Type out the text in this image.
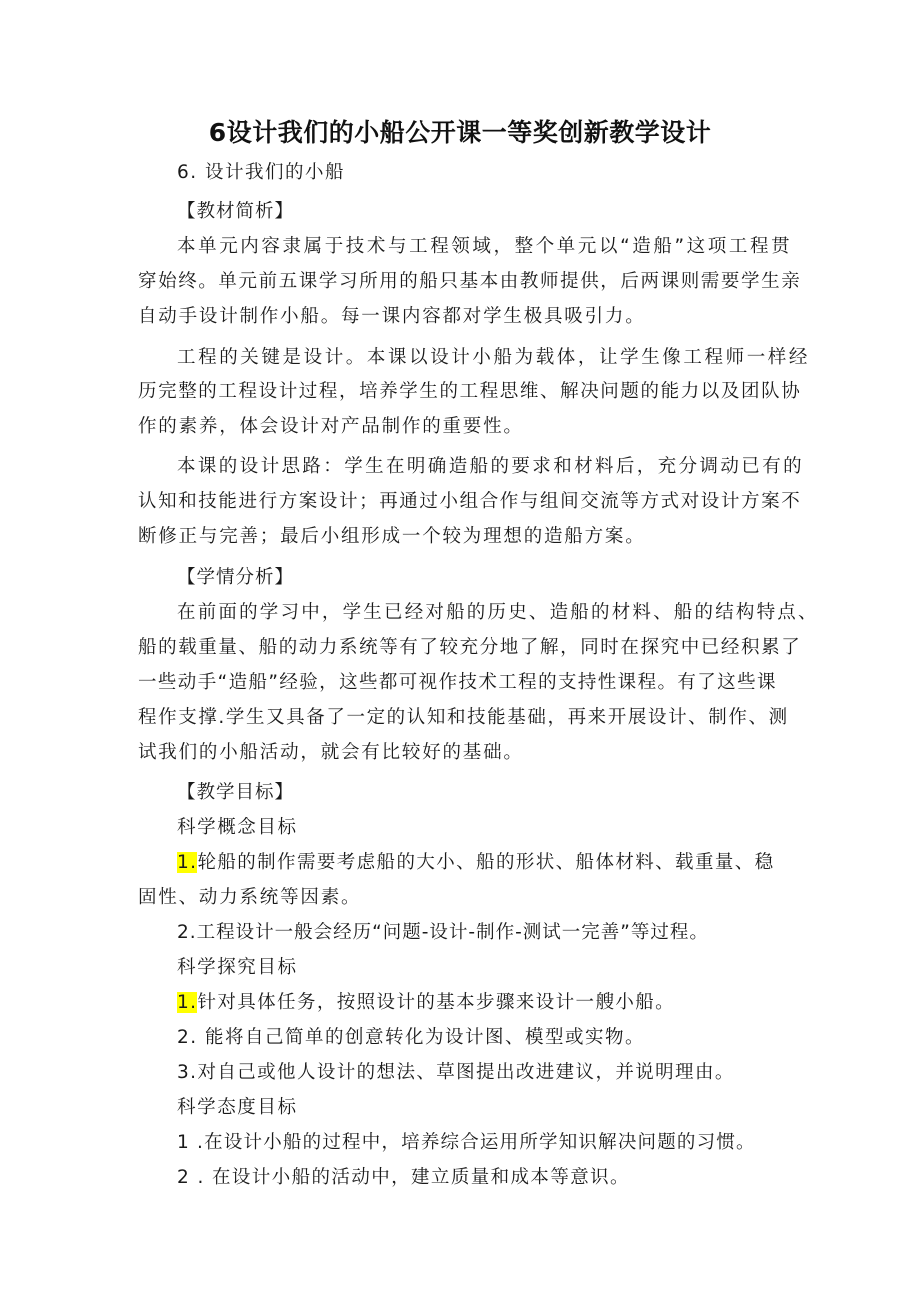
6设计我们的小船公开课一等奖创新教学设计
6. 设计我们的小船
【教材简析】
本单元内容隶属于技术与工程领域，整个单元以“造船”这项工程贯
穿始终。单元前五课学习所用的船只基本由教师提供，后两课则需要学生亲
自动手设计制作小船。每一课内容都对学生极具吸引力。
工程的关键是设计。本课以设计小船为载体，让学生像工程师一样经
历完整的工程设计过程，培养学生的工程思维、解决问题的能力以及团队协
作的素养，体会设计对产品制作的重要性。
本课的设计思路：学生在明确造船的要求和材料后，充分调动已有的
认知和技能进行方案设计；再通过小组合作与组间交流等方式对设计方案不
断修正与完善；最后小组形成一个较为理想的造船方案。
【学情分析】
在前面的学习中，学生已经对船的历史、造船的材料、船的结构特点、
船的载重量、船的动力系统等有了较充分地了解，同时在探究中已经积累了
一些动手“造船”经验，这些都可视作技术工程的支持性课程。有了这些课
程作支撑.学生又具备了一定的认知和技能基础，再来开展设计、制作、测
试我们的小船活动，就会有比较好的基础。
【教学目标】
科学概念目标
1.轮船的制作需要考虑船的大小、船的形状、船体材料、载重量、稳
固性、动力系统等因素。
2.工程设计一般会经历“问题-设计-制作-测试一完善”等过程。
科学探究目标
1.针对具体任务，按照设计的基本步骤来设计一艘小船。
2. 能将自己简单的创意转化为设计图、模型或实物。
3.对自己或他人设计的想法、草图提出改进建议，并说明理由。
科学态度目标
1 .在设计小船的过程中，培养综合运用所学知识解决问题的习惯。
2 . 在设计小船的活动中，建立质量和成本等意识。
